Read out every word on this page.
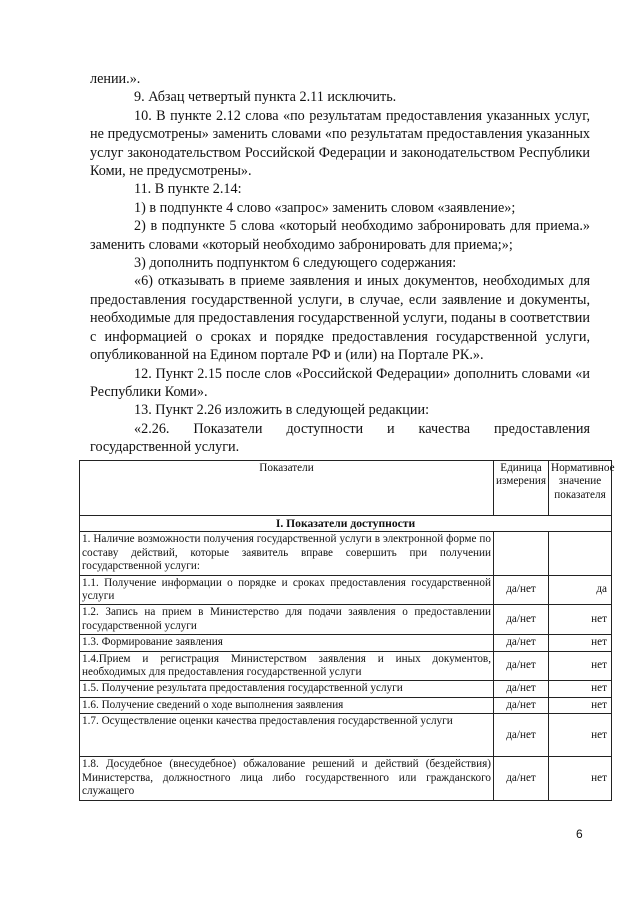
лении.».

9. Абзац четвертый пункта 2.11 исключить.

10. В пункте 2.12 слова «по результатам предоставления указанных услуг, не предусмотрены» заменить словами «по результатам предоставления указанных услуг законодательством Российской Федерации и законодательством Республики Коми, не предусмотрены».

11. В пункте 2.14:

1) в подпункте 4 слово «запрос» заменить словом «заявление»;

2) в подпункте 5 слова «который необходимо забронировать для приема.» заменить словами «который необходимо забронировать для приема;»;

3) дополнить подпунктом 6 следующего содержания:

«6) отказывать в приеме заявления и иных документов, необходимых для предоставления государственной услуги, в случае, если заявление и документы, необходимые для предоставления государственной услуги, поданы в соответствии с информацией о сроках и порядке предоставления государственной услуги, опубликованной на Едином портале РФ и (или) на Портале РК.».

12. Пункт 2.15 после слов «Российской Федерации» дополнить словами «и Республики Коми».

13. Пункт 2.26 изложить в следующей редакции:

«2.26. Показатели доступности и качества предоставления государственной услуги.

Показатели	Единица измерения	Нормативное значение показателя
I. Показатели доступности		
1. Наличие возможности получения государственной услуги в электронной форме по составу действий, которые заявитель вправе совершить при получении государственной услуги:		
1.1. Получение информации о порядке и сроках предоставления государственной услуги	да/нет	да
1.2. Запись на прием в Министерство для подачи заявления о предоставлении государственной услуги	да/нет	нет
1.3. Формирование заявления	да/нет	нет
1.4.Прием и регистрация Министерством заявления и иных документов, необходимых для предоставления государственной услуги	да/нет	нет
1.5. Получение результата предоставления государственной услуги	да/нет	нет
1.6. Получение сведений о ходе выполнения заявления	да/нет	нет
1.7. Осуществление оценки качества предоставления государственной услуги	да/нет	нет
1.8. Досудебное (внесудебное) обжалование решений и действий (бездействия) Министерства, должностного лица либо государственного или гражданского служащего	да/нет	нет
6
